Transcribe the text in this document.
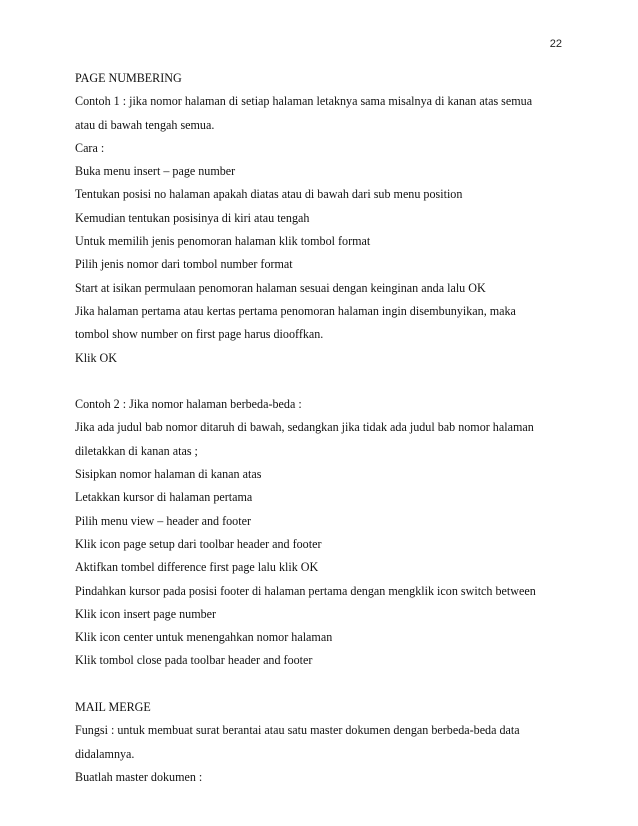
22
PAGE NUMBERING
Contoh 1 : jika nomor halaman di setiap halaman letaknya sama misalnya di kanan atas semua
atau di bawah tengah semua.
Cara :
Buka menu insert – page number
Tentukan posisi no halaman apakah diatas atau di bawah dari sub menu position
Kemudian tentukan posisinya di kiri atau tengah
Untuk memilih jenis penomoran halaman klik tombol format
Pilih jenis nomor dari tombol number format
Start at isikan permulaan penomoran halaman sesuai dengan keinginan anda lalu OK
Jika halaman pertama atau kertas pertama penomoran halaman ingin disembunyikan, maka
tombol show number on first page harus diooffkan.
Klik OK
Contoh 2 : Jika nomor halaman berbeda-beda :
Jika ada judul bab nomor ditaruh di bawah, sedangkan jika tidak ada judul bab nomor halaman
diletakkan di kanan atas ;
Sisipkan nomor halaman di kanan atas
Letakkan kursor di halaman pertama
Pilih menu view – header and footer
Klik icon page setup dari toolbar header and footer
Aktifkan tombel difference first page lalu klik OK
Pindahkan kursor pada posisi footer di halaman pertama dengan mengklik icon switch between
Klik icon insert page number
Klik icon center untuk menengahkan nomor halaman
Klik tombol close pada toolbar header and footer
MAIL MERGE
Fungsi : untuk membuat surat berantai atau satu master dokumen dengan berbeda-beda data
didalamnya.
Buatlah master dokumen :
